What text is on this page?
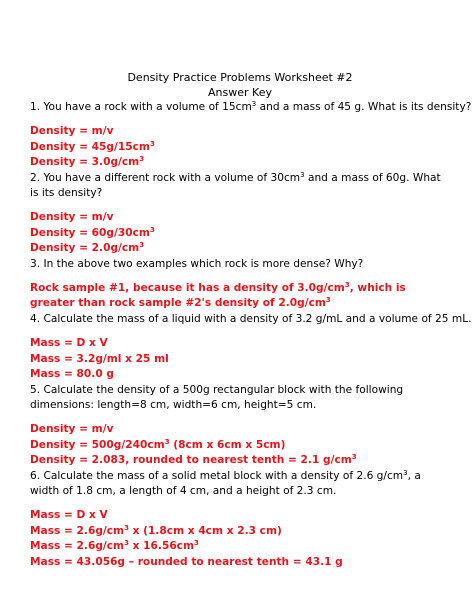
Density Practice Problems Worksheet #2
Answer Key
1. You have a rock with a volume of $15cm^3$ and a mass of 45 g. What is its density?
Density = m/v
Density = $45g/15cm^3$
Density = $3.0g/cm^3$
2. You have a different rock with a volume of $30cm^3$ and a mass of 60g. What is its density?
Density = m/v
Density = $60g/30cm^3$
Density = $2.0g/cm^3$
3. In the above two examples which rock is more dense? Why?
Rock sample #1, because it has a density of $3.0g/cm^3$, which is greater than rock sample #2's density of $2.0g/cm^3$
4. Calculate the mass of a liquid with a density of 3.2 g/mL and a volume of 25 mL.
Mass = D x V
Mass = 3.2g/ml x 25 ml
Mass = 80.0 g
5. Calculate the density of a 500g rectangular block with the following dimensions: length=8 cm, width=6 cm, height=5 cm.
Density = m/v
Density = $500g/240cm^3$ (8cm x 6cm x 5cm)
Density = 2.083, rounded to nearest tenth = 2.1 $g/cm^3$
6. Calculate the mass of a solid metal block with a density of 2.6 $g/cm^3$, a width of 1.8 cm, a length of 4 cm, and a height of 2.3 cm.
Mass = D x V
Mass = $2.6g/cm^3$ x (1.8cm x 4cm x 2.3 cm)
Mass = $2.6g/cm^3$ x $16.56cm^3$
Mass = 43.056g – rounded to nearest tenth = 43.1 g
